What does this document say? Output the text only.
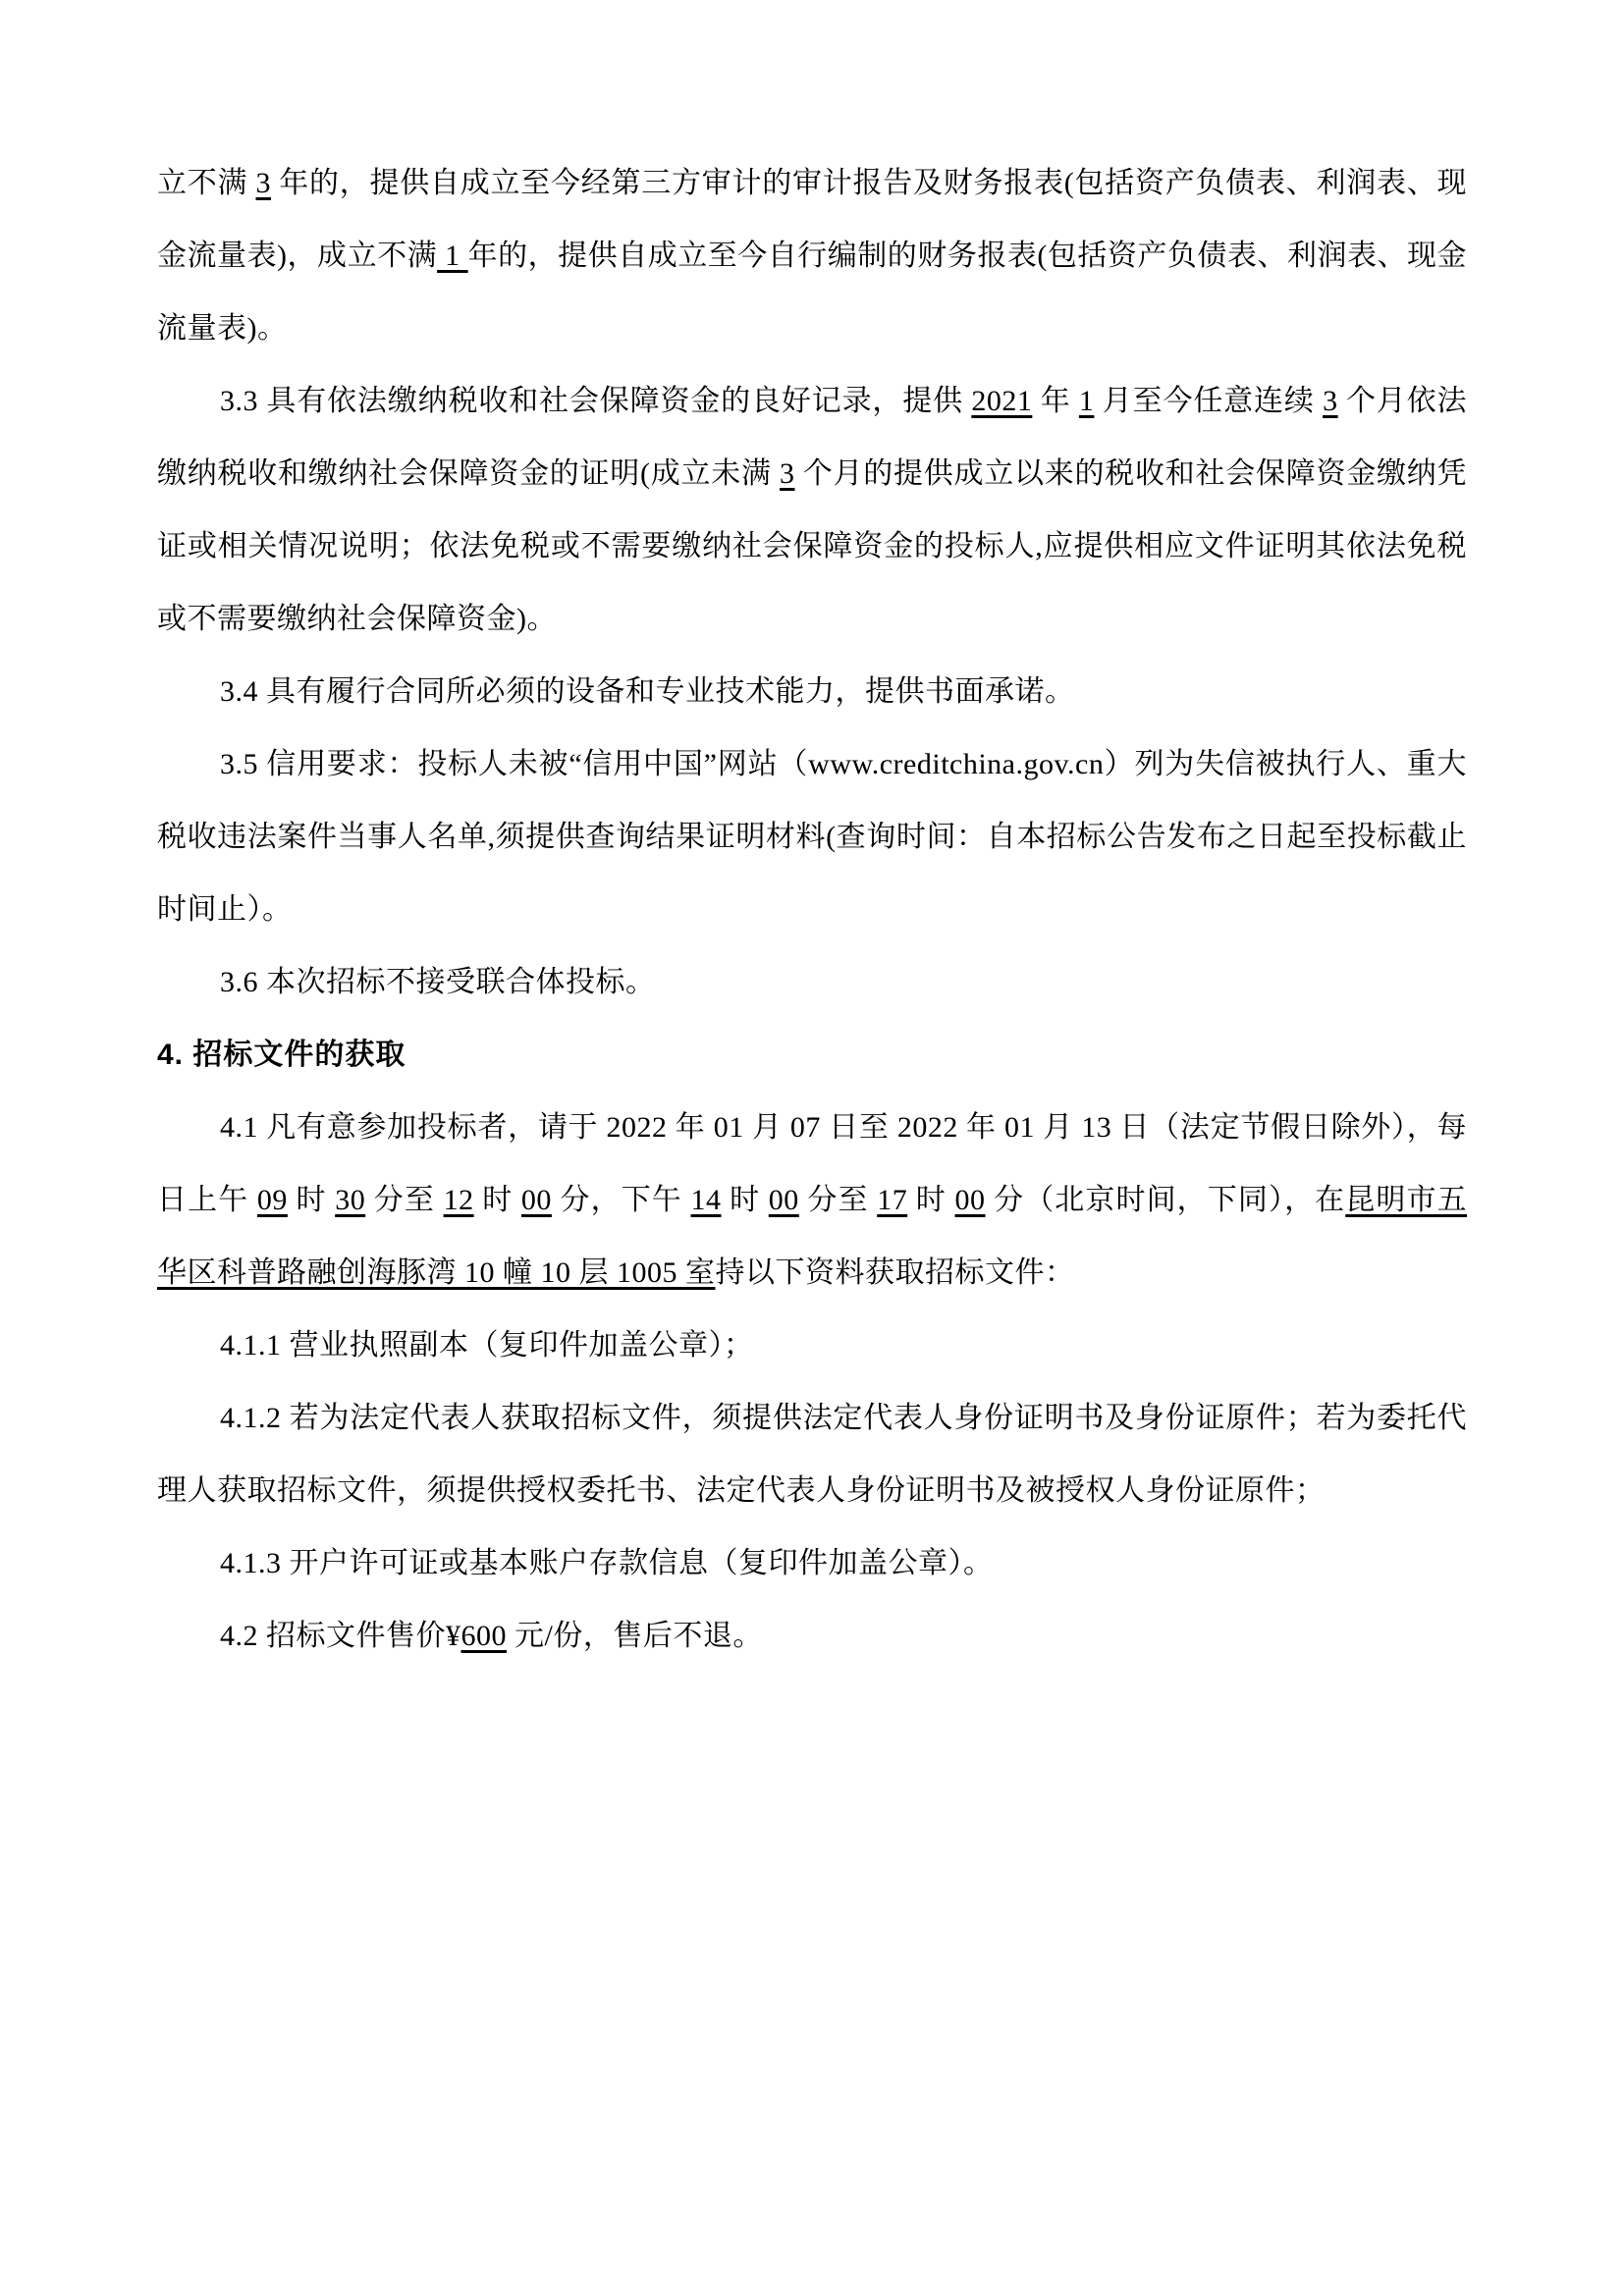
立不满 3 年的，提供自成立至今经第三方审计的审计报告及财务报表(包括资产负债表、利润表、现金流量表)，成立不满 1 年的，提供自成立至今自行编制的财务报表(包括资产负债表、利润表、现金流量表)。

3.3 具有依法缴纳税收和社会保障资金的良好记录，提供 2021 年 1 月至今任意连续 3 个月依法缴纳税收和缴纳社会保障资金的证明(成立未满 3 个月的提供成立以来的税收和社会保障资金缴纳凭证或相关情况说明；依法免税或不需要缴纳社会保障资金的投标人,应提供相应文件证明其依法免税或不需要缴纳社会保障资金)。

3.4 具有履行合同所必须的设备和专业技术能力，提供书面承诺。

3.5 信用要求：投标人未被“信用中国”网站（www.creditchina.gov.cn）列为失信被执行人、重大税收违法案件当事人名单,须提供查询结果证明材料(查询时间：自本招标公告发布之日起至投标截止时间止）。

3.6 本次招标不接受联合体投标。

4. 招标文件的获取

4.1 凡有意参加投标者，请于 2022 年 01 月 07 日至 2022 年 01 月 13 日（法定节假日除外），每日上午 09 时 30 分至 12 时 00 分，下午 14 时 00 分至 17 时 00 分（北京时间，下同），在昆明市五华区科普路融创海豚湾 10 幢 10 层 1005 室持以下资料获取招标文件：

4.1.1 营业执照副本（复印件加盖公章）；

4.1.2 若为法定代表人获取招标文件，须提供法定代表人身份证明书及身份证原件；若为委托代理人获取招标文件，须提供授权委托书、法定代表人身份证明书及被授权人身份证原件；

4.1.3 开户许可证或基本账户存款信息（复印件加盖公章）。

4.2 招标文件售价¥600 元/份，售后不退。
